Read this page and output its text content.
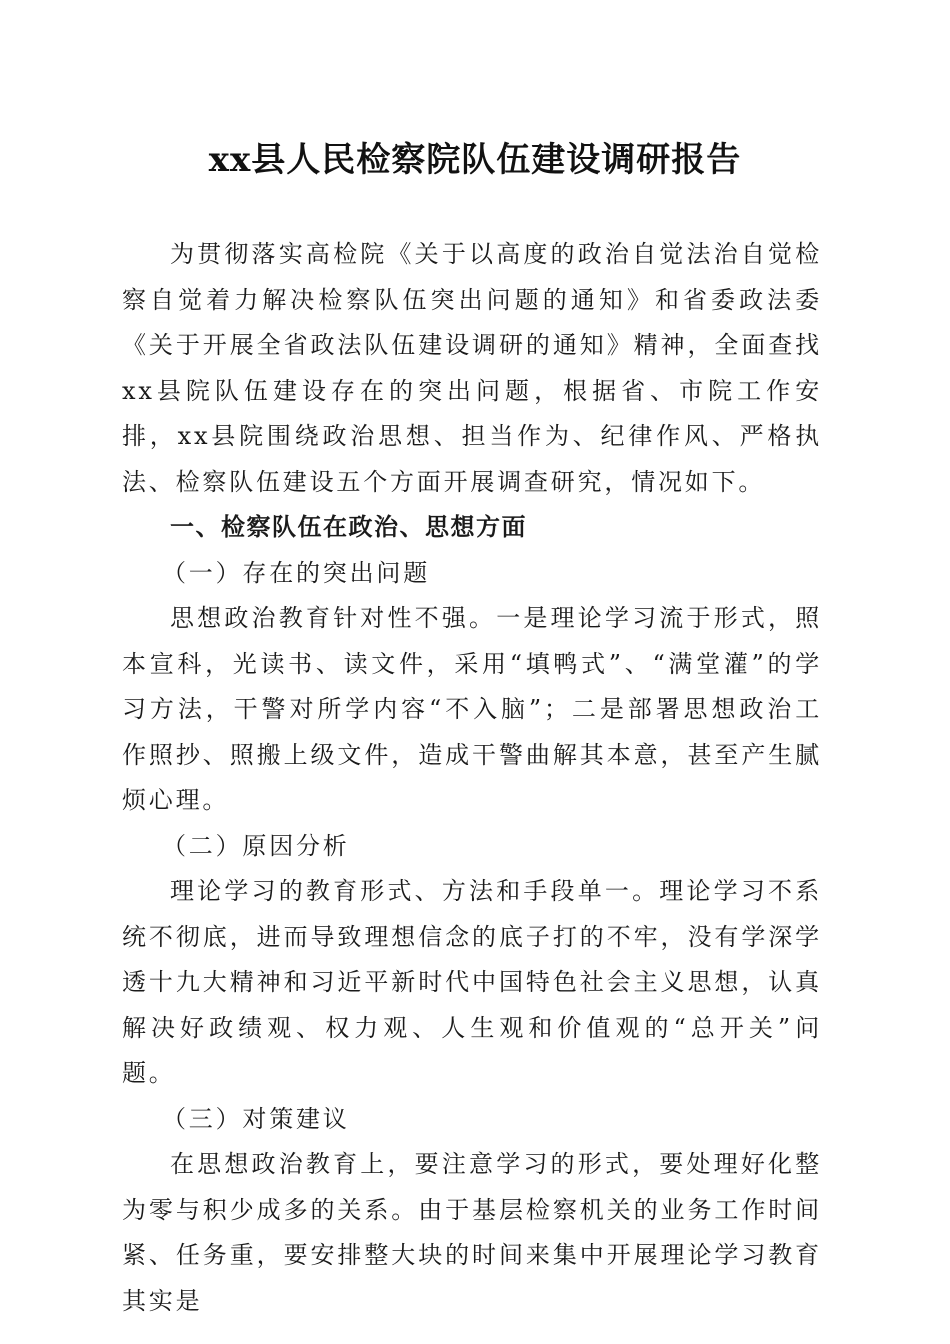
xx县人民检察院队伍建设调研报告

为贯彻落实高检院《关于以高度的政治自觉法治自觉检察自觉着力解决检察队伍突出问题的通知》和省委政法委《关于开展全省政法队伍建设调研的通知》精神，全面查找xx县院队伍建设存在的突出问题，根据省、市院工作安排，xx县院围绕政治思想、担当作为、纪律作风、严格执法、检察队伍建设五个方面开展调查研究，情况如下。

一、检察队伍在政治、思想方面

（一）存在的突出问题

思想政治教育针对性不强。一是理论学习流于形式，照本宣科，光读书、读文件，采用“填鸭式”、“满堂灌”的学习方法，干警对所学内容“不入脑”；二是部署思想政治工作照抄、照搬上级文件，造成干警曲解其本意，甚至产生腻烦心理。

（二）原因分析

理论学习的教育形式、方法和手段单一。理论学习不系统不彻底，进而导致理想信念的底子打的不牢，没有学深学透十九大精神和习近平新时代中国特色社会主义思想，认真解决好政绩观、权力观、人生观和价值观的“总开关”问题。

（三）对策建议

在思想政治教育上，要注意学习的形式，要处理好化整为零与积少成多的关系。由于基层检察机关的业务工作时间紧、任务重，要安排整大块的时间来集中开展理论学习教育其实是
